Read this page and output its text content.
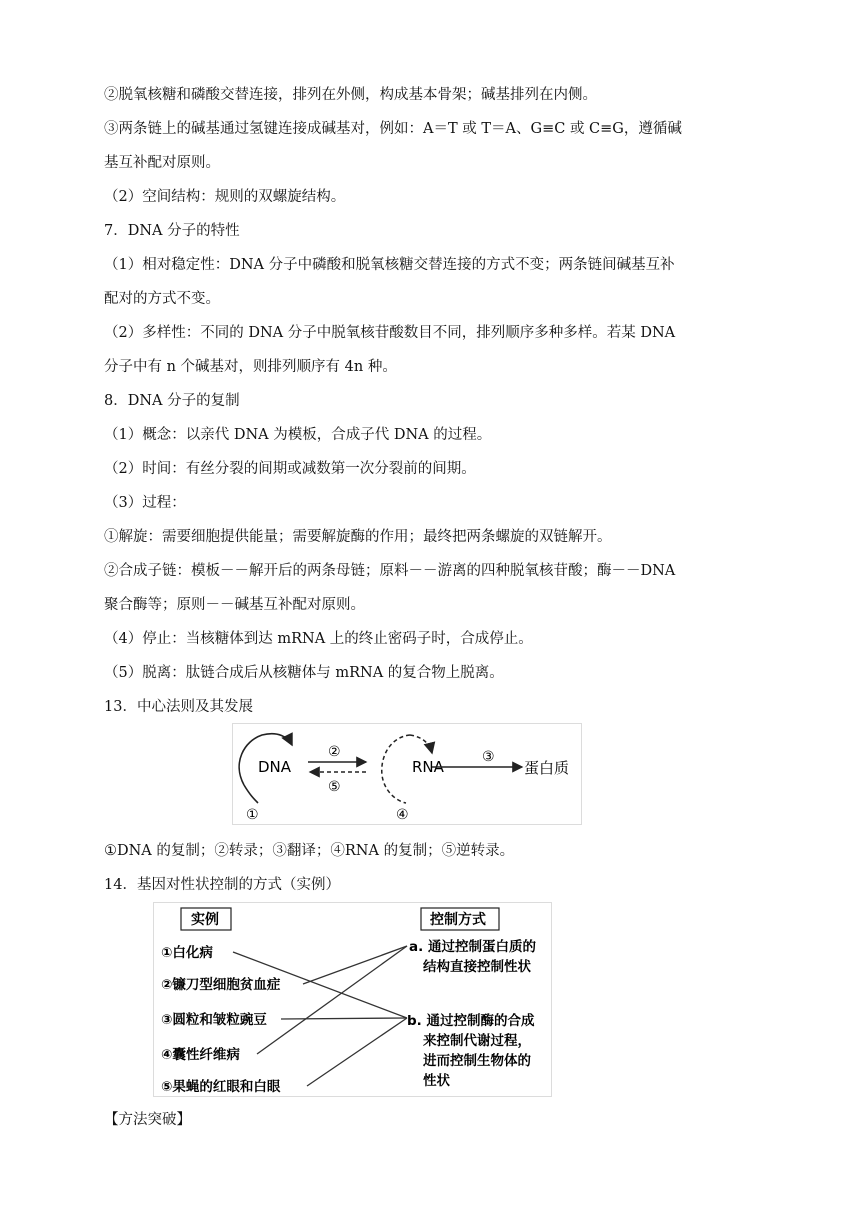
②脱氧核糖和磷酸交替连接，排列在外侧，构成基本骨架；碱基排列在内侧。
③两条链上的碱基通过氢键连接成碱基对，例如：A＝T 或 T＝A、G≡C 或 C≡G，遵循碱
基互补配对原则。
（2）空间结构：规则的双螺旋结构。
7．DNA 分子的特性
（1）相对稳定性：DNA 分子中磷酸和脱氧核糖交替连接的方式不变；两条链间碱基互补
配对的方式不变。
（2）多样性：不同的 DNA 分子中脱氧核苷酸数目不同，排列顺序多种多样。若某 DNA
分子中有 n 个碱基对，则排列顺序有 4n 种。
8．DNA 分子的复制
（1）概念：以亲代 DNA 为模板，合成子代 DNA 的过程。
（2）时间：有丝分裂的间期或减数第一次分裂前的间期。
（3）过程：
①解旋：需要细胞提供能量；需要解旋酶的作用；最终把两条螺旋的双链解开。
②合成子链：模板－－解开后的两条母链；原料－－游离的四种脱氧核苷酸；酶－－DNA
聚合酶等；原则－－碱基互补配对原则。
（4）停止：当核糖体到达 mRNA 上的终止密码子时，合成停止。
（5）脱离：肽链合成后从核糖体与 mRNA 的复合物上脱离。
13．中心法则及其发展
DNA
①
②
⑤
RNA
④
③
蛋白质
①DNA 的复制；②转录；③翻译；④RNA 的复制；⑤逆转录。
14．基因对性状控制的方式（实例）
实例	控制方式
①白化病
②镰刀型细胞贫血症
③圆粒和皱粒豌豆
④囊性纤维病
⑤果蝇的红眼和白眼
a. 通过控制蛋白质的
结构直接控制性状
b. 通过控制酶的合成
来控制代谢过程，
进而控制生物体的
性状
【方法突破】
